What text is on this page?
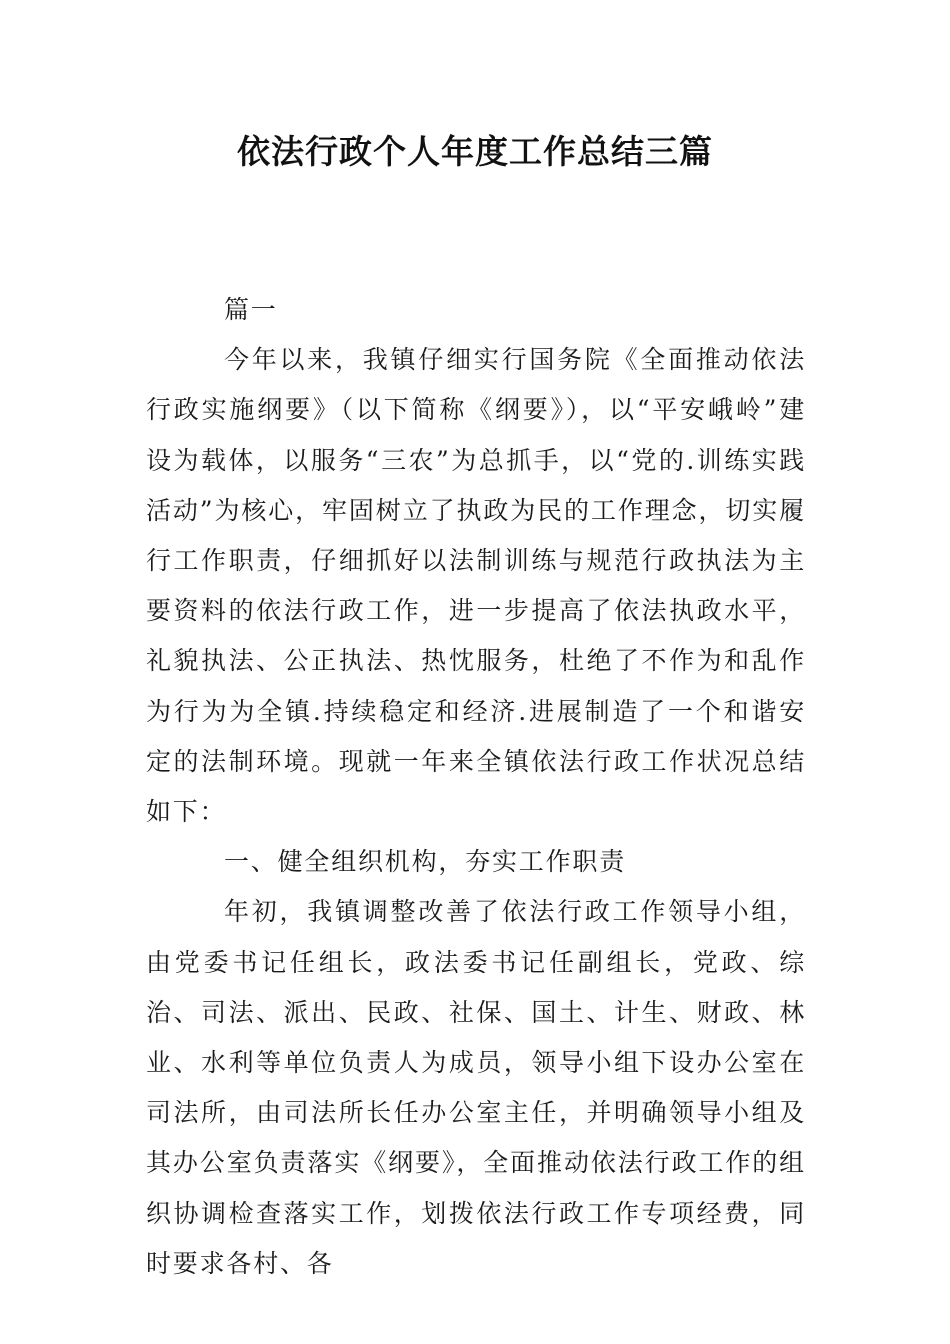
依法行政个人年度工作总结三篇

篇一

今年以来，我镇仔细实行国务院《全面推动依法行政实施纲要》（以下简称《纲要》），以“平安峨岭”建设为载体，以服务“三农”为总抓手，以“党的.训练实践活动”为核心，牢固树立了执政为民的工作理念，切实履行工作职责，仔细抓好以法制训练与规范行政执法为主要资料的依法行政工作，进一步提高了依法执政水平，礼貌执法、公正执法、热忱服务，杜绝了不作为和乱作为行为为全镇.持续稳定和经济.进展制造了一个和谐安定的法制环境。现就一年来全镇依法行政工作状况总结如下：

一、健全组织机构，夯实工作职责

年初，我镇调整改善了依法行政工作领导小组，由党委书记任组长，政法委书记任副组长，党政、综治、司法、派出、民政、社保、国土、计生、财政、林业、水利等单位负责人为成员，领导小组下设办公室在司法所，由司法所长任办公室主任，并明确领导小组及其办公室负责落实《纲要》，全面推动依法行政工作的组织协调检查落实工作，划拨依法行政工作专项经费，同时要求各村、各
